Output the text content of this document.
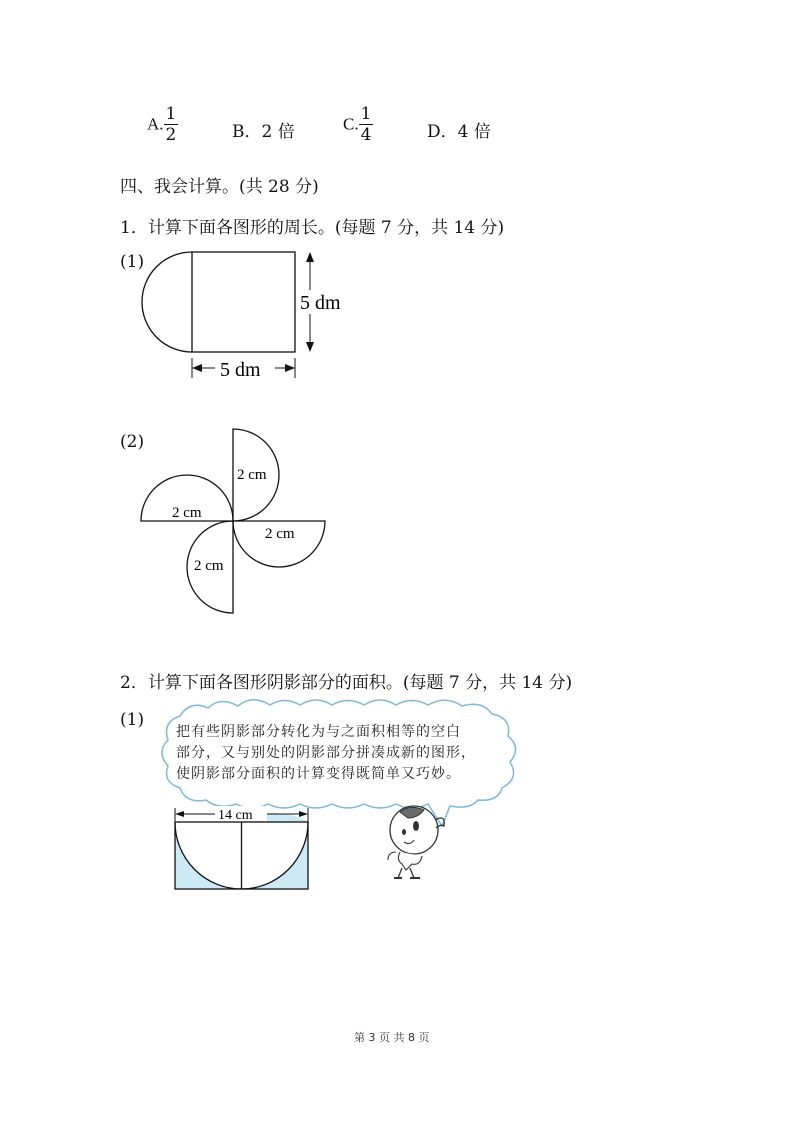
A. $\frac{1}{2}$	B．2 倍	C. $\frac{1}{4}$	D．4 倍
四、我会计算。(共 28 分)
1．计算下面各图形的周长。(每题 7 分，共 14 分)
(1)
5 dm
5 dm
(2)
2 cm
2 cm
2 cm
2 cm
2．计算下面各图形阴影部分的面积。(每题 7 分，共 14 分)
(1)
把有些阴影部分转化为与之面积相等的空白
部分，又与别处的阴影部分拼凑成新的图形，
使阴影部分面积的计算变得既简单又巧妙。
14 cm
第 3 页 共 8 页
